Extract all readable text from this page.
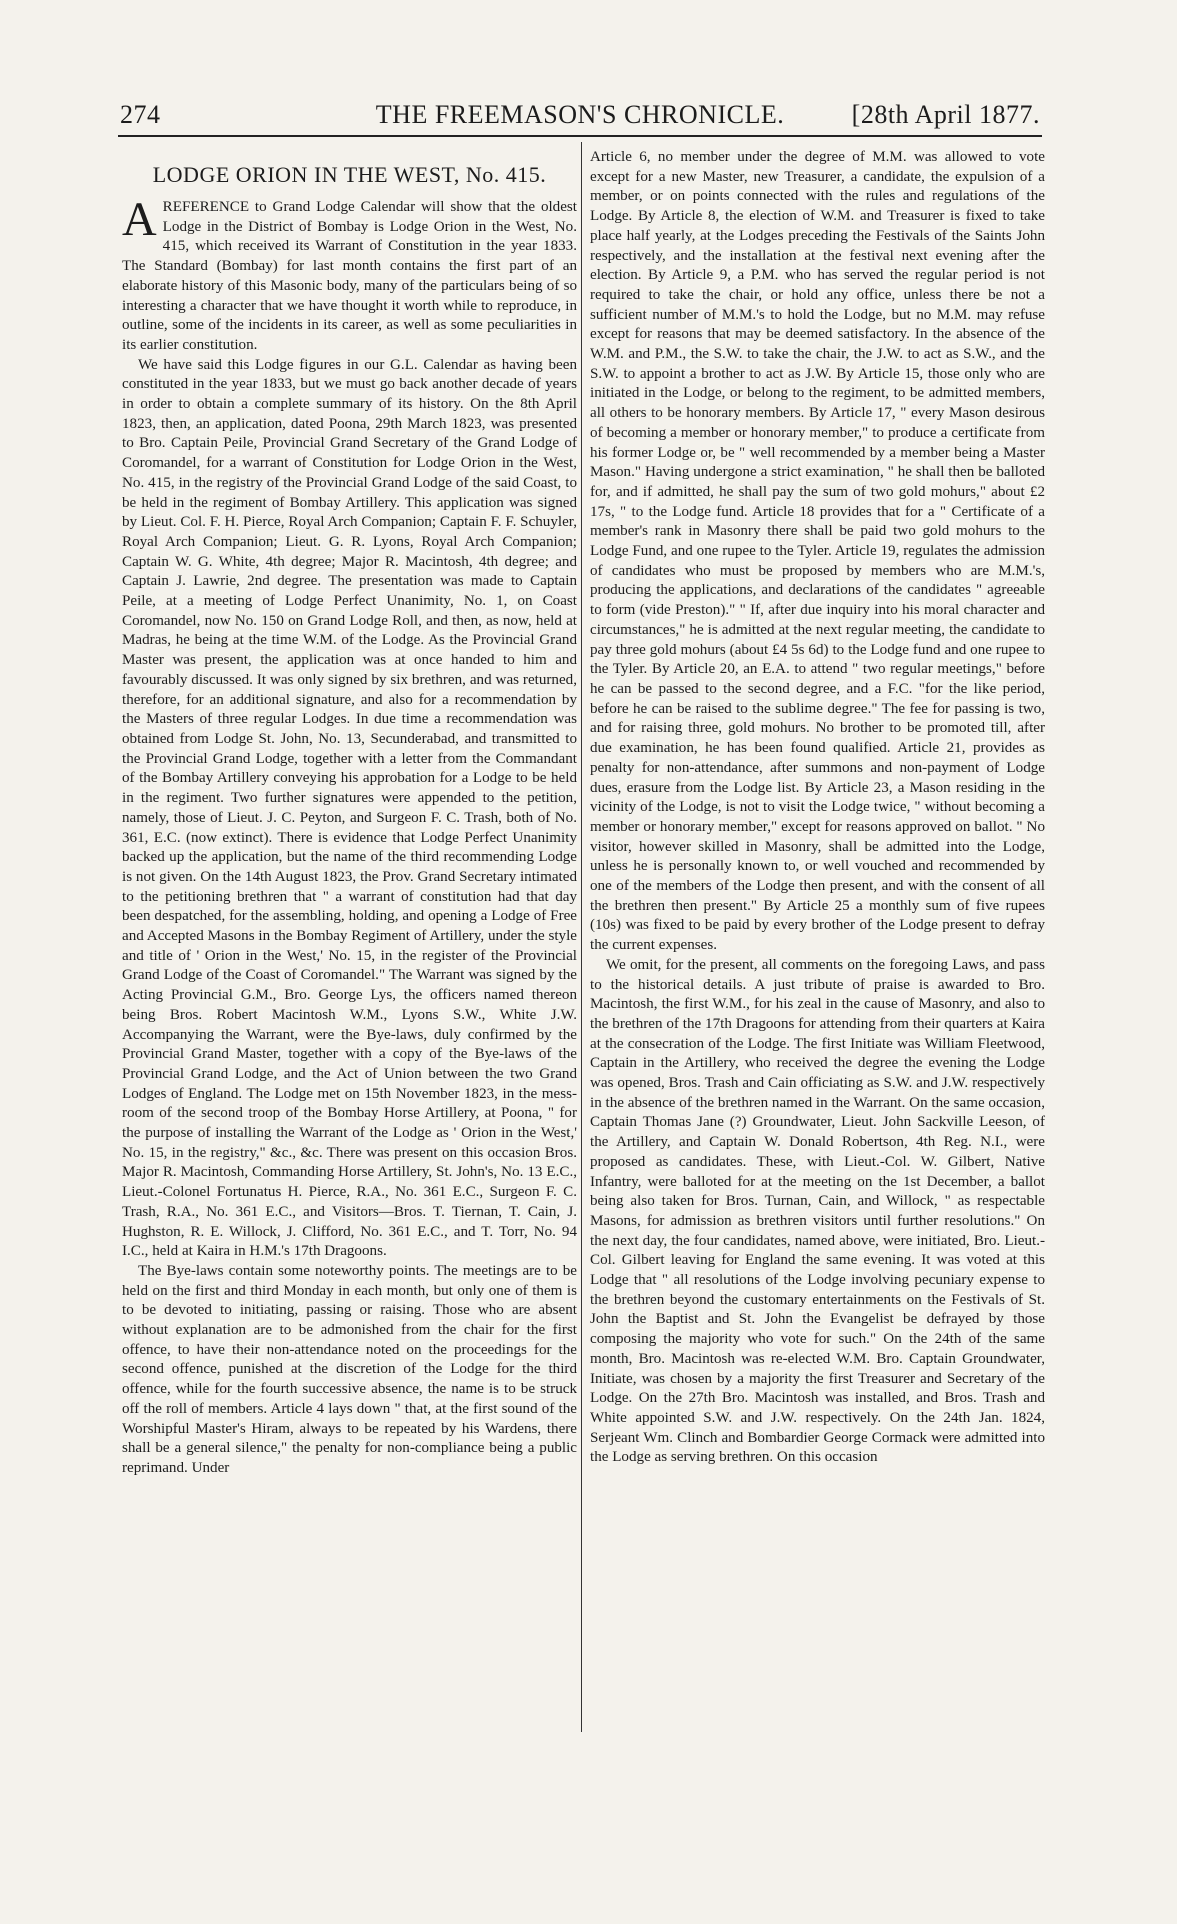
274	THE FREEMASON'S CHRONICLE.	[28th April 1877.
LODGE ORION IN THE WEST, No. 415.

A REFERENCE to Grand Lodge Calendar will show that the oldest Lodge in the District of Bombay is Lodge Orion in the West, No. 415, which received its Warrant of Constitution in the year 1833. The Standard (Bombay) for last month contains the first part of an elaborate history of this Masonic body, many of the particulars being of so interesting a character that we have thought it worth while to reproduce, in outline, some of the incidents in its career, as well as some peculiarities in its earlier constitution.

We have said this Lodge figures in our G.L. Calendar as having been constituted in the year 1833, but we must go back another decade of years in order to obtain a complete summary of its history. On the 8th April 1823, then, an application, dated Poona, 29th March 1823, was presented to Bro. Captain Peile, Provincial Grand Secretary of the Grand Lodge of Coromandel, for a warrant of Constitution for Lodge Orion in the West, No. 415, in the registry of the Provincial Grand Lodge of the said Coast, to be held in the regiment of Bombay Artillery. This application was signed by Lieut. Col. F. H. Pierce, Royal Arch Companion; Captain F. F. Schuyler, Royal Arch Companion; Lieut. G. R. Lyons, Royal Arch Companion; Captain W. G. White, 4th degree; Major R. Macintosh, 4th degree; and Captain J. Lawrie, 2nd degree. The presentation was made to Captain Peile, at a meeting of Lodge Perfect Unanimity, No. 1, on Coast Coromandel, now No. 150 on Grand Lodge Roll, and then, as now, held at Madras, he being at the time W.M. of the Lodge. As the Provincial Grand Master was present, the application was at once handed to him and favourably discussed. It was only signed by six brethren, and was returned, therefore, for an additional signature, and also for a recommendation by the Masters of three regular Lodges. In due time a recommendation was obtained from Lodge St. John, No. 13, Secunderabad, and transmitted to the Provincial Grand Lodge, together with a letter from the Commandant of the Bombay Artillery conveying his approbation for a Lodge to be held in the regiment. Two further signatures were appended to the petition, namely, those of Lieut. J. C. Peyton, and Surgeon F. C. Trash, both of No. 361, E.C. (now extinct). There is evidence that Lodge Perfect Unanimity backed up the application, but the name of the third recommending Lodge is not given. On the 14th August 1823, the Prov. Grand Secretary intimated to the petitioning brethren that " a warrant of constitution had that day been despatched, for the assembling, holding, and opening a Lodge of Free and Accepted Masons in the Bombay Regiment of Artillery, under the style and title of ' Orion in the West,' No. 15, in the register of the Provincial Grand Lodge of the Coast of Coromandel." The Warrant was signed by the Acting Provincial G.M., Bro. George Lys, the officers named thereon being Bros. Robert Macintosh W.M., Lyons S.W., White J.W. Accompanying the Warrant, were the Bye-laws, duly confirmed by the Provincial Grand Master, together with a copy of the Bye-laws of the Provincial Grand Lodge, and the Act of Union between the two Grand Lodges of England. The Lodge met on 15th November 1823, in the mess-room of the second troop of the Bombay Horse Artillery, at Poona, " for the purpose of installing the Warrant of the Lodge as ' Orion in the West,' No. 15, in the registry," &c., &c. There was present on this occasion Bros. Major R. Macintosh, Commanding Horse Artillery, St. John's, No. 13 E.C., Lieut.-Colonel Fortunatus H. Pierce, R.A., No. 361 E.C., Surgeon F. C. Trash, R.A., No. 361 E.C., and Visitors—Bros. T. Tiernan, T. Cain, J. Hughston, R. E. Willock, J. Clifford, No. 361 E.C., and T. Torr, No. 94 I.C., held at Kaira in H.M.'s 17th Dragoons.

The Bye-laws contain some noteworthy points. The meetings are to be held on the first and third Monday in each month, but only one of them is to be devoted to initiating, passing or raising. Those who are absent without explanation are to be admonished from the chair for the first offence, to have their non-attendance noted on the proceedings for the second offence, punished at the discretion of the Lodge for the third offence, while for the fourth successive absence, the name is to be struck off the roll of members. Article 4 lays down " that, at the first sound of the Worshipful Master's Hiram, always to be repeated by his Wardens, there shall be a general silence," the penalty for non-compliance being a public reprimand. Under

Article 6, no member under the degree of M.M. was allowed to vote except for a new Master, new Treasurer, a candidate, the expulsion of a member, or on points connected with the rules and regulations of the Lodge. By Article 8, the election of W.M. and Treasurer is fixed to take place half yearly, at the Lodges preceding the Festivals of the Saints John respectively, and the installation at the festival next evening after the election. By Article 9, a P.M. who has served the regular period is not required to take the chair, or hold any office, unless there be not a sufficient number of M.M.'s to hold the Lodge, but no M.M. may refuse except for reasons that may be deemed satisfactory. In the absence of the W.M. and P.M., the S.W. to take the chair, the J.W. to act as S.W., and the S.W. to appoint a brother to act as J.W. By Article 15, those only who are initiated in the Lodge, or belong to the regiment, to be admitted members, all others to be honorary members. By Article 17, " every Mason desirous of becoming a member or honorary member," to produce a certificate from his former Lodge or, be " well recommended by a member being a Master Mason." Having undergone a strict examination, " he shall then be balloted for, and if admitted, he shall pay the sum of two gold mohurs," about £2 17s, " to the Lodge fund. Article 18 provides that for a " Certificate of a member's rank in Masonry there shall be paid two gold mohurs to the Lodge Fund, and one rupee to the Tyler. Article 19, regulates the admission of candidates who must be proposed by members who are M.M.'s, producing the applications, and declarations of the candidates " agreeable to form (vide Preston)." " If, after due inquiry into his moral character and circumstances," he is admitted at the next regular meeting, the candidate to pay three gold mohurs (about £4 5s 6d) to the Lodge fund and one rupee to the Tyler. By Article 20, an E.A. to attend " two regular meetings," before he can be passed to the second degree, and a F.C. "for the like period, before he can be raised to the sublime degree." The fee for passing is two, and for raising three, gold mohurs. No brother to be promoted till, after due examination, he has been found qualified. Article 21, provides as penalty for non-attendance, after summons and non-payment of Lodge dues, erasure from the Lodge list. By Article 23, a Mason residing in the vicinity of the Lodge, is not to visit the Lodge twice, " without becoming a member or honorary member," except for reasons approved on ballot. " No visitor, however skilled in Masonry, shall be admitted into the Lodge, unless he is personally known to, or well vouched and recommended by one of the members of the Lodge then present, and with the consent of all the brethren then present." By Article 25 a monthly sum of five rupees (10s) was fixed to be paid by every brother of the Lodge present to defray the current expenses.

We omit, for the present, all comments on the foregoing Laws, and pass to the historical details. A just tribute of praise is awarded to Bro. Macintosh, the first W.M., for his zeal in the cause of Masonry, and also to the brethren of the 17th Dragoons for attending from their quarters at Kaira at the consecration of the Lodge. The first Initiate was William Fleetwood, Captain in the Artillery, who received the degree the evening the Lodge was opened, Bros. Trash and Cain officiating as S.W. and J.W. respectively in the absence of the brethren named in the Warrant. On the same occasion, Captain Thomas Jane (?) Groundwater, Lieut. John Sackville Leeson, of the Artillery, and Captain W. Donald Robertson, 4th Reg. N.I., were proposed as candidates. These, with Lieut.-Col. W. Gilbert, Native Infantry, were balloted for at the meeting on the 1st December, a ballot being also taken for Bros. Turnan, Cain, and Willock, " as respectable Masons, for admission as brethren visitors until further resolutions." On the next day, the four candidates, named above, were initiated, Bro. Lieut.-Col. Gilbert leaving for England the same evening. It was voted at this Lodge that " all resolutions of the Lodge involving pecuniary expense to the brethren beyond the customary entertainments on the Festivals of St. John the Baptist and St. John the Evangelist be defrayed by those composing the majority who vote for such." On the 24th of the same month, Bro. Macintosh was re-elected W.M. Bro. Captain Groundwater, Initiate, was chosen by a majority the first Treasurer and Secretary of the Lodge. On the 27th Bro. Macintosh was installed, and Bros. Trash and White appointed S.W. and J.W. respectively. On the 24th Jan. 1824, Serjeant Wm. Clinch and Bombardier George Cormack were admitted into the Lodge as serving brethren. On this occasion
